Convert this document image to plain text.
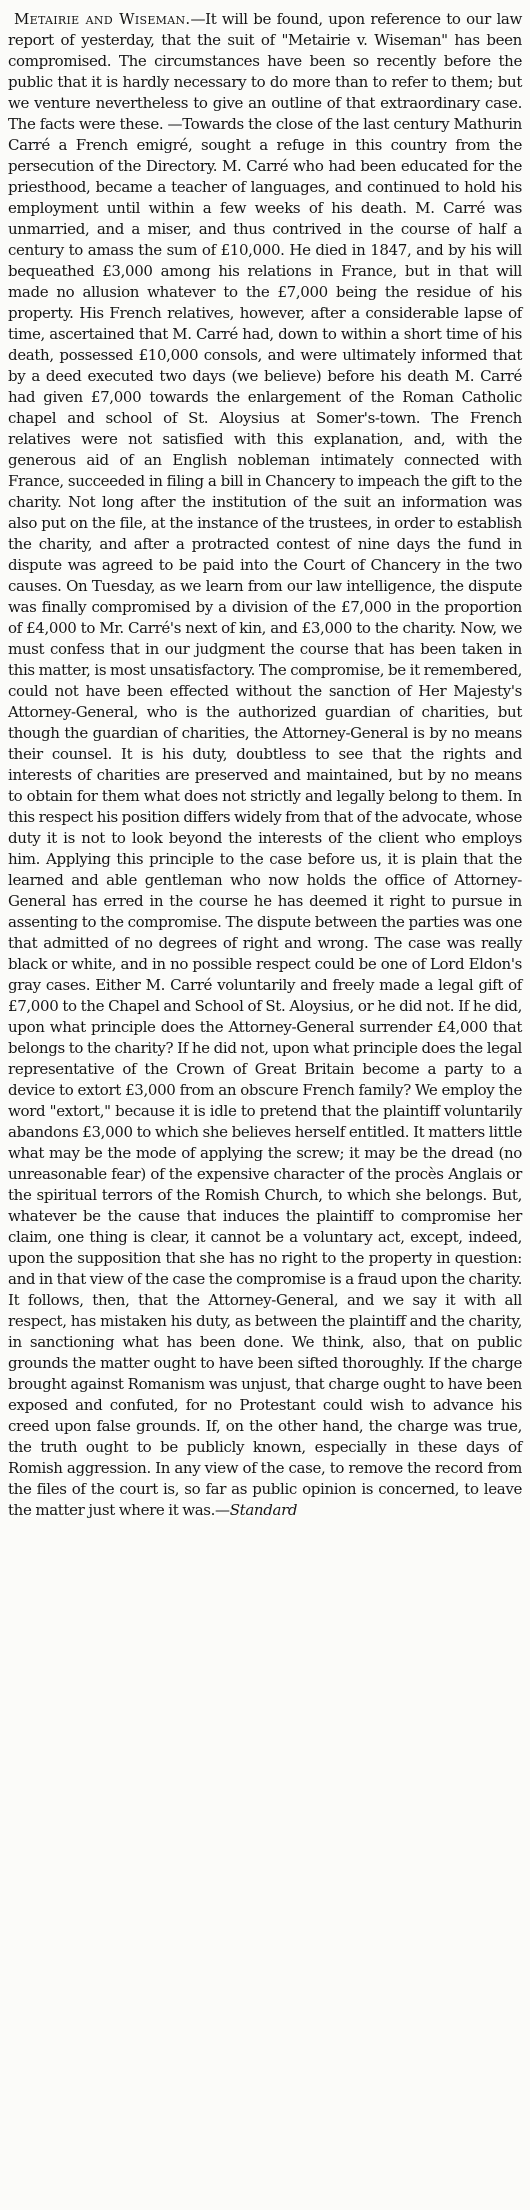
Metairie and Wiseman.—It will be found, upon reference to our law report of yesterday, that the suit of "Metairie v. Wiseman" has been compromised. The circumstances have been so recently before the public that it is hardly necessary to do more than to refer to them; but we venture nevertheless to give an outline of that extraordinary case. The facts were these. —Towards the close of the last century Mathurin Carré a French emigré, sought a refuge in this country from the persecution of the Directory. M. Carré who had been educated for the priesthood, became a teacher of languages, and continued to hold his employment until within a few weeks of his death. M. Carré was unmarried, and a miser, and thus contrived in the course of half a century to amass the sum of £10,000. He died in 1847, and by his will bequeathed £3,000 among his relations in France, but in that will made no allusion whatever to the £7,000 being the residue of his property. His French relatives, however, after a considerable lapse of time, ascertained that M. Carré had, down to within a short time of his death, possessed £10,000 consols, and were ultimately informed that by a deed executed two days (we believe) before his death M. Carré had given £7,000 towards the enlargement of the Roman Catholic chapel and school of St. Aloysius at Somer's-town. The French relatives were not satisfied with this explanation, and, with the generous aid of an English nobleman intimately connected with France, succeeded in filing a bill in Chancery to impeach the gift to the charity. Not long after the institution of the suit an information was also put on the file, at the instance of the trustees, in order to establish the charity, and after a protracted contest of nine days the fund in dispute was agreed to be paid into the Court of Chancery in the two causes. On Tuesday, as we learn from our law intelligence, the dispute was finally compromised by a division of the £7,000 in the proportion of £4,000 to Mr. Carré's next of kin, and £3,000 to the charity. Now, we must confess that in our judgment the course that has been taken in this matter, is most unsatisfactory. The compromise, be it remembered, could not have been effected without the sanction of Her Majesty's Attorney-General, who is the authorized guardian of charities, but though the guardian of charities, the Attorney-General is by no means their counsel. It is his duty, doubtless to see that the rights and interests of charities are preserved and maintained, but by no means to obtain for them what does not strictly and legally belong to them. In this respect his position differs widely from that of the advocate, whose duty it is not to look beyond the interests of the client who employs him. Applying this principle to the case before us, it is plain that the learned and able gentleman who now holds the office of Attorney-General has erred in the course he has deemed it right to pursue in assenting to the compromise. The dispute between the parties was one that admitted of no degrees of right and wrong. The case was really black or white, and in no possible respect could be one of Lord Eldon's gray cases. Either M. Carré voluntarily and freely made a legal gift of £7,000 to the Chapel and School of St. Aloysius, or he did not. If he did, upon what principle does the Attorney-General surrender £4,000 that belongs to the charity? If he did not, upon what principle does the legal representative of the Crown of Great Britain become a party to a device to extort £3,000 from an obscure French family? We employ the word "extort," because it is idle to pretend that the plaintiff voluntarily abandons £3,000 to which she believes herself entitled. It matters little what may be the mode of applying the screw; it may be the dread (no unreasonable fear) of the expensive character of the procès Anglais or the spiritual terrors of the Romish Church, to which she belongs. But, whatever be the cause that induces the plaintiff to compromise her claim, one thing is clear, it cannot be a voluntary act, except, indeed, upon the supposition that she has no right to the property in question: and in that view of the case the compromise is a fraud upon the charity. It follows, then, that the Attorney-General, and we say it with all respect, has mistaken his duty, as between the plaintiff and the charity, in sanctioning what has been done. We think, also, that on public grounds the matter ought to have been sifted thoroughly. If the charge brought against Romanism was unjust, that charge ought to have been exposed and confuted, for no Protestant could wish to advance his creed upon false grounds. If, on the other hand, the charge was true, the truth ought to be publicly known, especially in these days of Romish aggression. In any view of the case, to remove the record from the files of the court is, so far as public opinion is concerned, to leave the matter just where it was.—Standard
